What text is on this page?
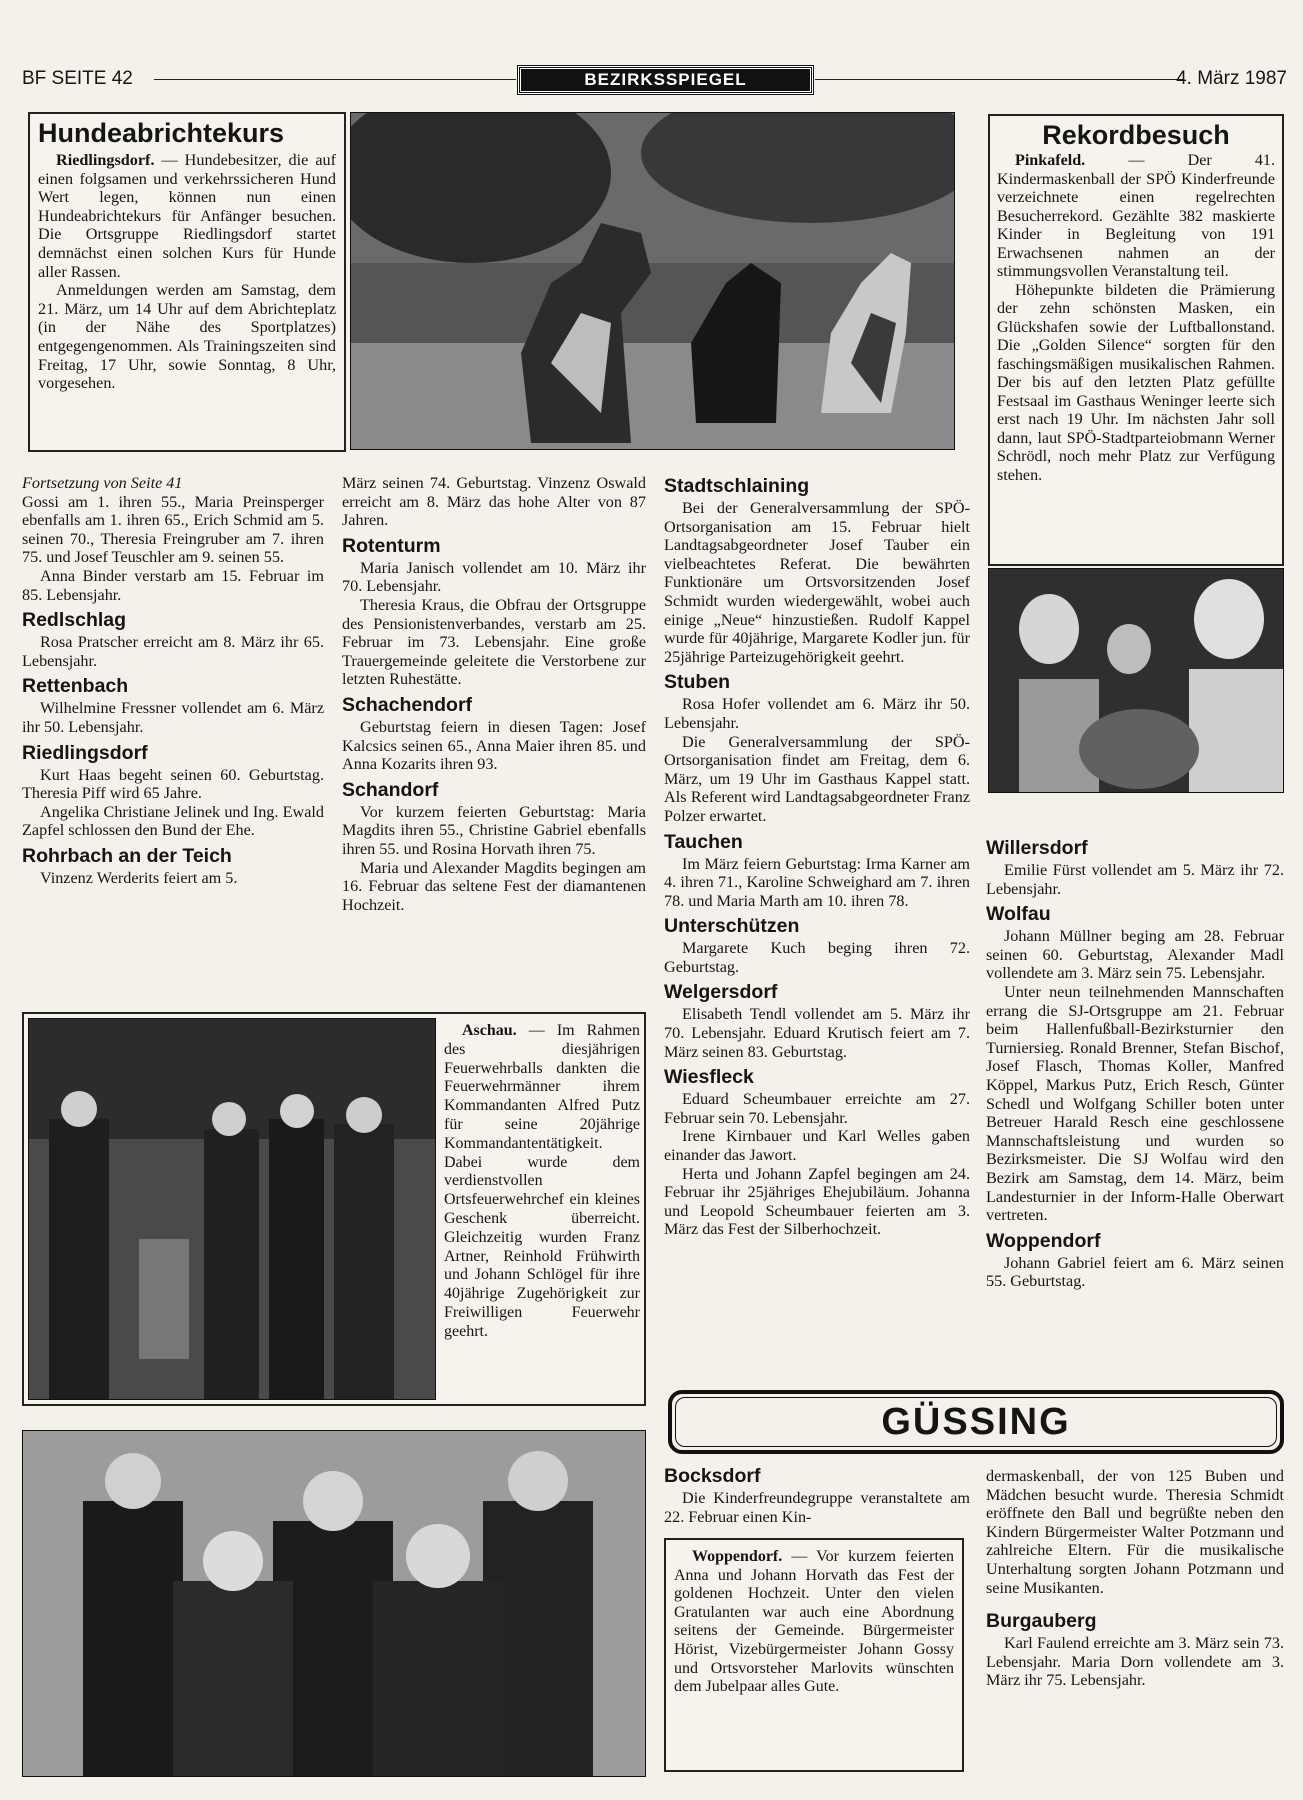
BF SEITE 42	BEZIRKSSPIEGEL	4. März 1987
Hundeabrichtekurs

Riedlingsdorf. — Hundebesitzer, die auf einen folgsamen und verkehrssicheren Hund Wert legen, können nun einen Hundeabrichtekurs für Anfänger besuchen. Die Ortsgruppe Riedlingsdorf startet demnächst einen solchen Kurs für Hunde aller Rassen.

Anmeldungen werden am Samstag, dem 21. März, um 14 Uhr auf dem Abrichteplatz (in der Nähe des Sportplatzes) entgegengenommen. Als Trainingszeiten sind Freitag, 17 Uhr, sowie Sonntag, 8 Uhr, vorgesehen.

Rekordbesuch

Pinkafeld. — Der 41. Kindermaskenball der SPÖ Kinderfreunde verzeichnete einen regelrechten Besucherrekord. Gezählte 382 maskierte Kinder in Begleitung von 191 Erwachsenen nahmen an der stimmungsvollen Veranstaltung teil.

Höhepunkte bildeten die Prämierung der zehn schönsten Masken, ein Glückshafen sowie der Luftballonstand. Die „Golden Silence“ sorgten für den faschingsmäßigen musikalischen Rahmen. Der bis auf den letzten Platz gefüllte Festsaal im Gasthaus Weninger leerte sich erst nach 19 Uhr. Im nächsten Jahr soll dann, laut SPÖ-Stadtparteiobmann Werner Schrödl, noch mehr Platz zur Verfügung stehen.

Fortsetzung von Seite 41

Gossi am 1. ihren 55., Maria Preinsperger ebenfalls am 1. ihren 65., Erich Schmid am 5. seinen 70., Theresia Freingruber am 7. ihren 75. und Josef Teuschler am 9. seinen 55.

Anna Binder verstarb am 15. Februar im 85. Lebensjahr.

Redlschlag

Rosa Pratscher erreicht am 8. März ihr 65. Lebensjahr.

Rettenbach

Wilhelmine Fressner vollendet am 6. März ihr 50. Lebensjahr.

Riedlingsdorf

Kurt Haas begeht seinen 60. Geburtstag. Theresia Piff wird 65 Jahre.

Angelika Christiane Jelinek und Ing. Ewald Zapfel schlossen den Bund der Ehe.

Rohrbach an der Teich

Vinzenz Werderits feiert am 5.

März seinen 74. Geburtstag. Vinzenz Oswald erreicht am 8. März das hohe Alter von 87 Jahren.

Rotenturm

Maria Janisch vollendet am 10. März ihr 70. Lebensjahr.

Theresia Kraus, die Obfrau der Ortsgruppe des Pensionistenverbandes, verstarb am 25. Februar im 73. Lebensjahr. Eine große Trauergemeinde geleitete die Verstorbene zur letzten Ruhestätte.

Schachendorf

Geburtstag feiern in diesen Tagen: Josef Kalcsics seinen 65., Anna Maier ihren 85. und Anna Kozarits ihren 93.

Schandorf

Vor kurzem feierten Geburtstag: Maria Magdits ihren 55., Christine Gabriel ebenfalls ihren 55. und Rosina Horvath ihren 75.

Maria und Alexander Magdits begingen am 16. Februar das seltene Fest der diamantenen Hochzeit.

Stadtschlaining

Bei der Generalversammlung der SPÖ-Ortsorganisation am 15. Februar hielt Landtagsabgeordneter Josef Tauber ein vielbeachtetes Referat. Die bewährten Funktionäre um Ortsvorsitzenden Josef Schmidt wurden wiedergewählt, wobei auch einige „Neue“ hinzustießen. Rudolf Kappel wurde für 40jährige, Margarete Kodler jun. für 25jährige Parteizugehörigkeit geehrt.

Stuben

Rosa Hofer vollendet am 6. März ihr 50. Lebensjahr.

Die Generalversammlung der SPÖ-Ortsorganisation findet am Freitag, dem 6. März, um 19 Uhr im Gasthaus Kappel statt. Als Referent wird Landtagsabgeordneter Franz Polzer erwartet.

Tauchen

Im März feiern Geburtstag: Irma Karner am 4. ihren 71., Karoline Schweighard am 7. ihren 78. und Maria Marth am 10. ihren 78.

Unterschützen

Margarete Kuch beging ihren 72. Geburtstag.

Welgersdorf

Elisabeth Tendl vollendet am 5. März ihr 70. Lebensjahr. Eduard Krutisch feiert am 7. März seinen 83. Geburtstag.

Wiesfleck

Eduard Scheumbauer erreichte am 27. Februar sein 70. Lebensjahr.

Irene Kirnbauer und Karl Welles gaben einander das Jawort.

Herta und Johann Zapfel begingen am 24. Februar ihr 25jähriges Ehejubiläum. Johanna und Leopold Scheumbauer feierten am 3. März das Fest der Silberhochzeit.

Willersdorf

Emilie Fürst vollendet am 5. März ihr 72. Lebensjahr.

Wolfau

Johann Müllner beging am 28. Februar seinen 60. Geburtstag, Alexander Madl vollendete am 3. März sein 75. Lebensjahr.

Unter neun teilnehmenden Mannschaften errang die SJ-Ortsgruppe am 21. Februar beim Hallenfußball-Bezirksturnier den Turniersieg. Ronald Brenner, Stefan Bischof, Josef Flasch, Thomas Koller, Manfred Köppel, Markus Putz, Erich Resch, Günter Schedl und Wolfgang Schiller boten unter Betreuer Harald Resch eine geschlossene Mannschaftsleistung und wurden so Bezirksmeister. Die SJ Wolfau wird den Bezirk am Samstag, dem 14. März, beim Landesturnier in der Inform-Halle Oberwart vertreten.

Woppendorf

Johann Gabriel feiert am 6. März seinen 55. Geburtstag.

Aschau. — Im Rahmen des diesjährigen Feuerwehrballs dankten die Feuerwehrmänner ihrem Kommandanten Alfred Putz für seine 20jährige Kommandantentätigkeit. Dabei wurde dem verdienstvollen Ortsfeuerwehrchef ein kleines Geschenk überreicht. Gleichzeitig wurden Franz Artner, Reinhold Frühwirth und Johann Schlögel für ihre 40jährige Zugehörigkeit zur Freiwilligen Feuerwehr geehrt.

GÜSSING
Bocksdorf

Die Kinderfreundegruppe veranstaltete am 22. Februar einen Kin-

Woppendorf. — Vor kurzem feierten Anna und Johann Horvath das Fest der goldenen Hochzeit. Unter den vielen Gratulanten war auch eine Abordnung seitens der Gemeinde. Bürgermeister Hörist, Vizebürgermeister Johann Gossy und Ortsvorsteher Marlovits wünschten dem Jubelpaar alles Gute.

dermaskenball, der von 125 Buben und Mädchen besucht wurde. Theresia Schmidt eröffnete den Ball und begrüßte neben den Kindern Bürgermeister Walter Potzmann und zahlreiche Eltern. Für die musikalische Unterhaltung sorgten Johann Potzmann und seine Musikanten.

Burgauberg

Karl Faulend erreichte am 3. März sein 73. Lebensjahr. Maria Dorn vollendete am 3. März ihr 75. Lebensjahr.
